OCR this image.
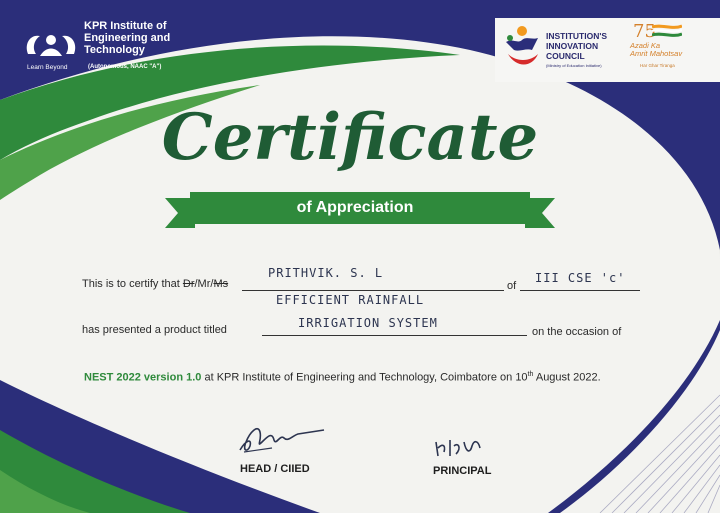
KPR Institute of Engineering and Technology
Learn Beyond	(Autonomous, NAAC "A")
INSTITUTION'S INNOVATION COUNCIL
(Ministry of Education Initiative)
75
Azadi Ka
Amrit Mahotsav
Har Ghar Tiranga
Certificate
of Appreciation
This is to certify that Dr/Mr/Ms
PRITHVIK. S. L
of
III CSE 'c'
EFFICIENT RAINFALL
has presented a product titled	IRRIGATION SYSTEM
on the occasion of
NEST 2022 version 1.0 at KPR Institute of Engineering and Technology, Coimbatore on 10th August 2022.
HEAD / CIIED	PRINCIPAL
